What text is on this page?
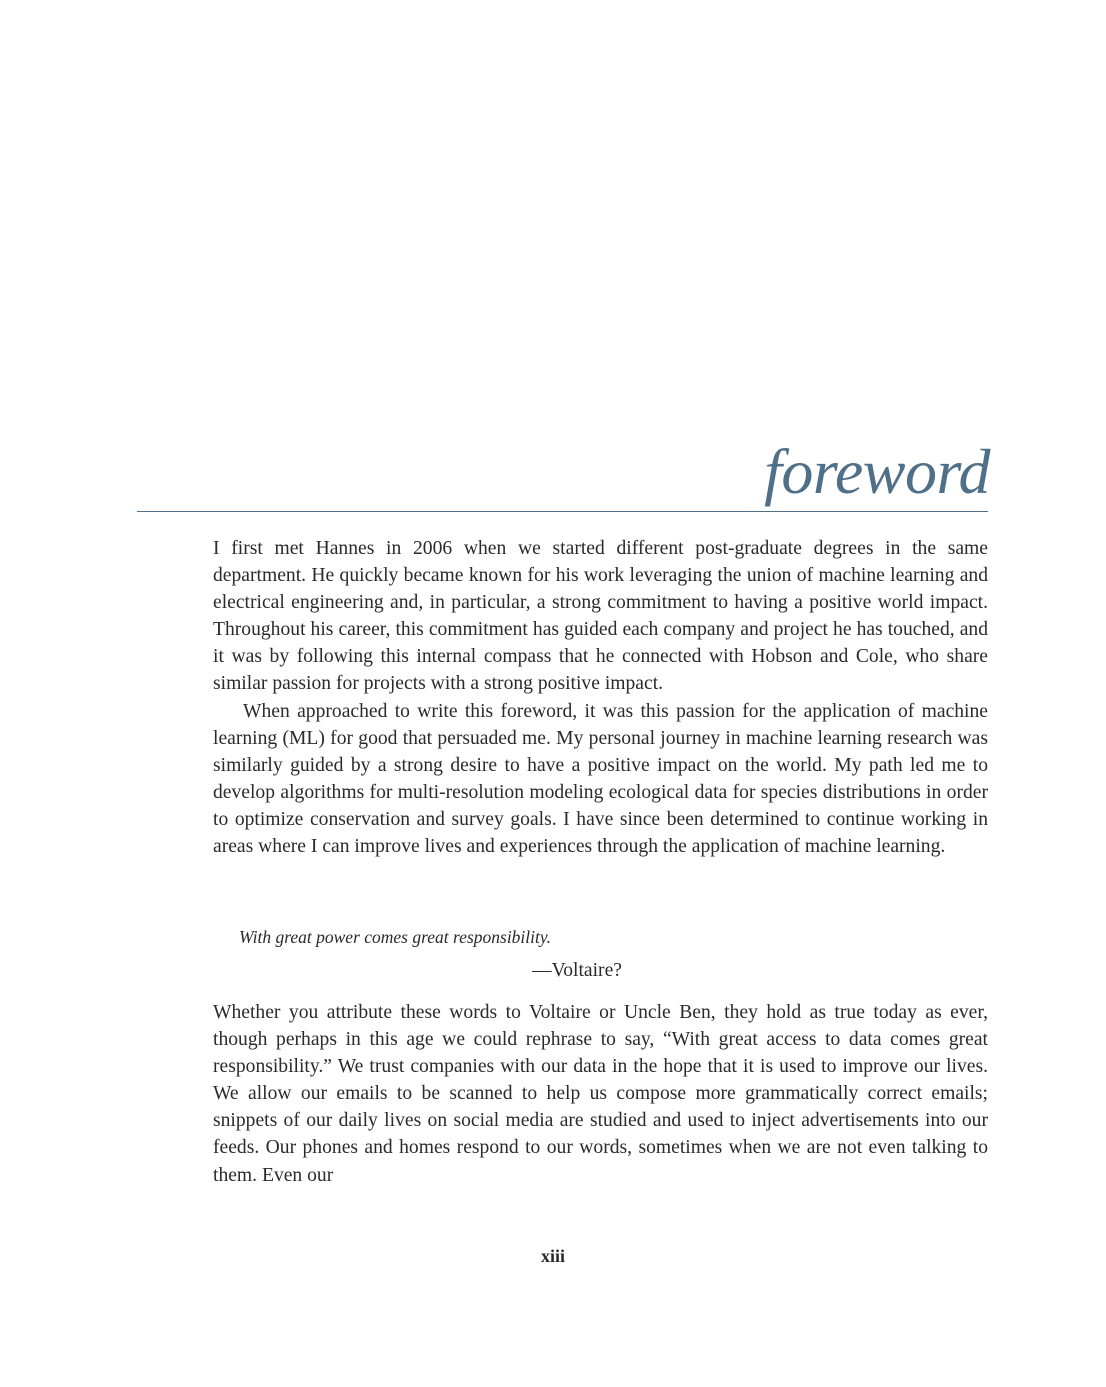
foreword

I first met Hannes in 2006 when we started different post-graduate degrees in the same department. He quickly became known for his work leveraging the union of machine learning and electrical engineering and, in particular, a strong commitment to having a positive world impact. Throughout his career, this commitment has guided each company and project he has touched, and it was by following this internal compass that he connected with Hobson and Cole, who share similar passion for projects with a strong positive impact.

When approached to write this foreword, it was this passion for the application of machine learning (ML) for good that persuaded me. My personal journey in machine learning research was similarly guided by a strong desire to have a positive impact on the world. My path led me to develop algorithms for multi-resolution modeling ecological data for species distributions in order to optimize conservation and survey goals. I have since been determined to continue working in areas where I can improve lives and experiences through the application of machine learning.

With great power comes great responsibility.

—Voltaire?

Whether you attribute these words to Voltaire or Uncle Ben, they hold as true today as ever, though perhaps in this age we could rephrase to say, “With great access to data comes great responsibility.” We trust companies with our data in the hope that it is used to improve our lives. We allow our emails to be scanned to help us compose more grammatically correct emails; snippets of our daily lives on social media are studied and used to inject advertisements into our feeds. Our phones and homes respond to our words, sometimes when we are not even talking to them. Even our

xiii
